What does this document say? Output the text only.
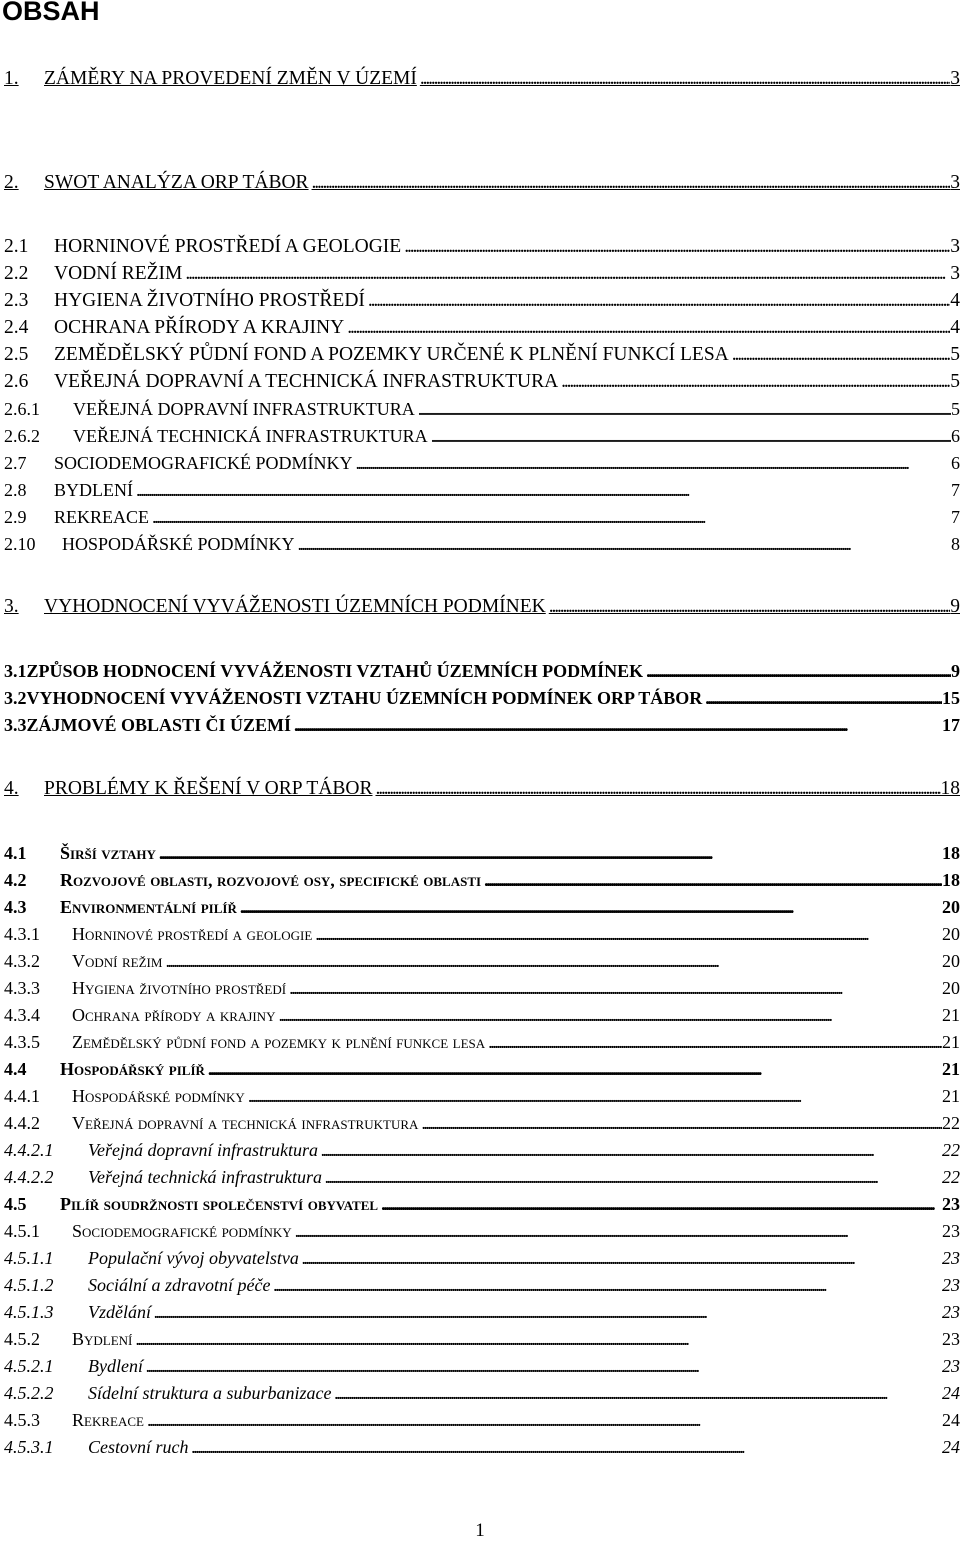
OBSAH
1.	ZÁMĚRY NA PROVEDENÍ ZMĚN V ÚZEMÍ . . .	3
2.	SWOT ANALÝZA ORP TÁBOR . . .	3
2.1	HORNINOVÉ PROSTŘEDÍ A GEOLOGIE . . .	3
2.2	VODNÍ REŽIM . . .	3
2.3	HYGIENA ŽIVOTNÍHO PROSTŘEDÍ . . .	4
2.4	OCHRANA PŘÍRODY A KRAJINY . . .	4
2.5	ZEMĚDĚLSKÝ PŮDNÍ FOND A POZEMKY URČENÉ K PLNĚNÍ FUNKCÍ LESA . . .	5
2.6	VEŘEJNÁ DOPRAVNÍ A TECHNICKÁ INFRASTRUKTURA . . .	5
2.6.1	VEŘEJNÁ DOPRAVNÍ INFRASTRUKTURA . . .	5
2.6.2	VEŘEJNÁ TECHNICKÁ INFRASTRUKTURA . . .	6
2.7	SOCIODEMOGRAFICKÉ PODMÍNKY . . .	6
2.8	BYDLENÍ . . .	7
2.9	REKREACE . . .	7
2.10	HOSPODÁŘSKÉ PODMÍNKY . . .	8
3.	VYHODNOCENÍ VYVÁŽENOSTI ÚZEMNÍCH PODMÍNEK . . .	9
3.1 ZPŮSOB HODNOCENÍ VYVÁŽENOSTI VZTAHŮ ÚZEMNÍCH PODMÍNEK . . .	9
3.2 VYHODNOCENÍ VYVÁŽENOSTI VZTAHU ÚZEMNÍCH PODMÍNEK ORP TÁBOR . . .	15
3.3 ZÁJMOVÉ OBLASTI ČI ÚZEMÍ . . .	17
4.	PROBLÉMY K ŘEŠENÍ V ORP TÁBOR . . .	18
4.1	Širší vztahy . . .	18
4.2	Rozvojové oblasti, rozvojové osy, specifické oblasti . . .	18
4.3	Environmentální pilíř . . .	20
4.3.1	Horninové prostředí a geologie . . .	20
4.3.2	Vodní režim . . .	20
4.3.3	Hygiena životního prostředí . . .	20
4.3.4	Ochrana přírody a krajiny . . .	21
4.3.5	Zemědělský půdní fond a pozemky k plnění funkce lesa . . .	21
4.4	Hospodářský pilíř . . .	21
4.4.1	Hospodářské podmínky . . .	21
4.4.2	Veřejná dopravní a technická infrastruktura . . .	22
4.4.2.1	Veřejná dopravní infrastruktura . . .	22
4.4.2.2	Veřejná technická infrastruktura . . .	22
4.5	Pilíř soudržnosti společenství obyvatel . . .	23
4.5.1	Sociodemografické podmínky . . .	23
4.5.1.1	Populační vývoj obyvatelstva . . .	23
4.5.1.2	Sociální a zdravotní péče . . .	23
4.5.1.3	Vzdělání . . .	23
4.5.2	Bydlení . . .	23
4.5.2.1	Bydlení . . .	23
4.5.2.2	Sídelní struktura a suburbanizace . . .	24
4.5.3	Rekreace . . .	24
4.5.3.1	Cestovní ruch . . .	24
1
